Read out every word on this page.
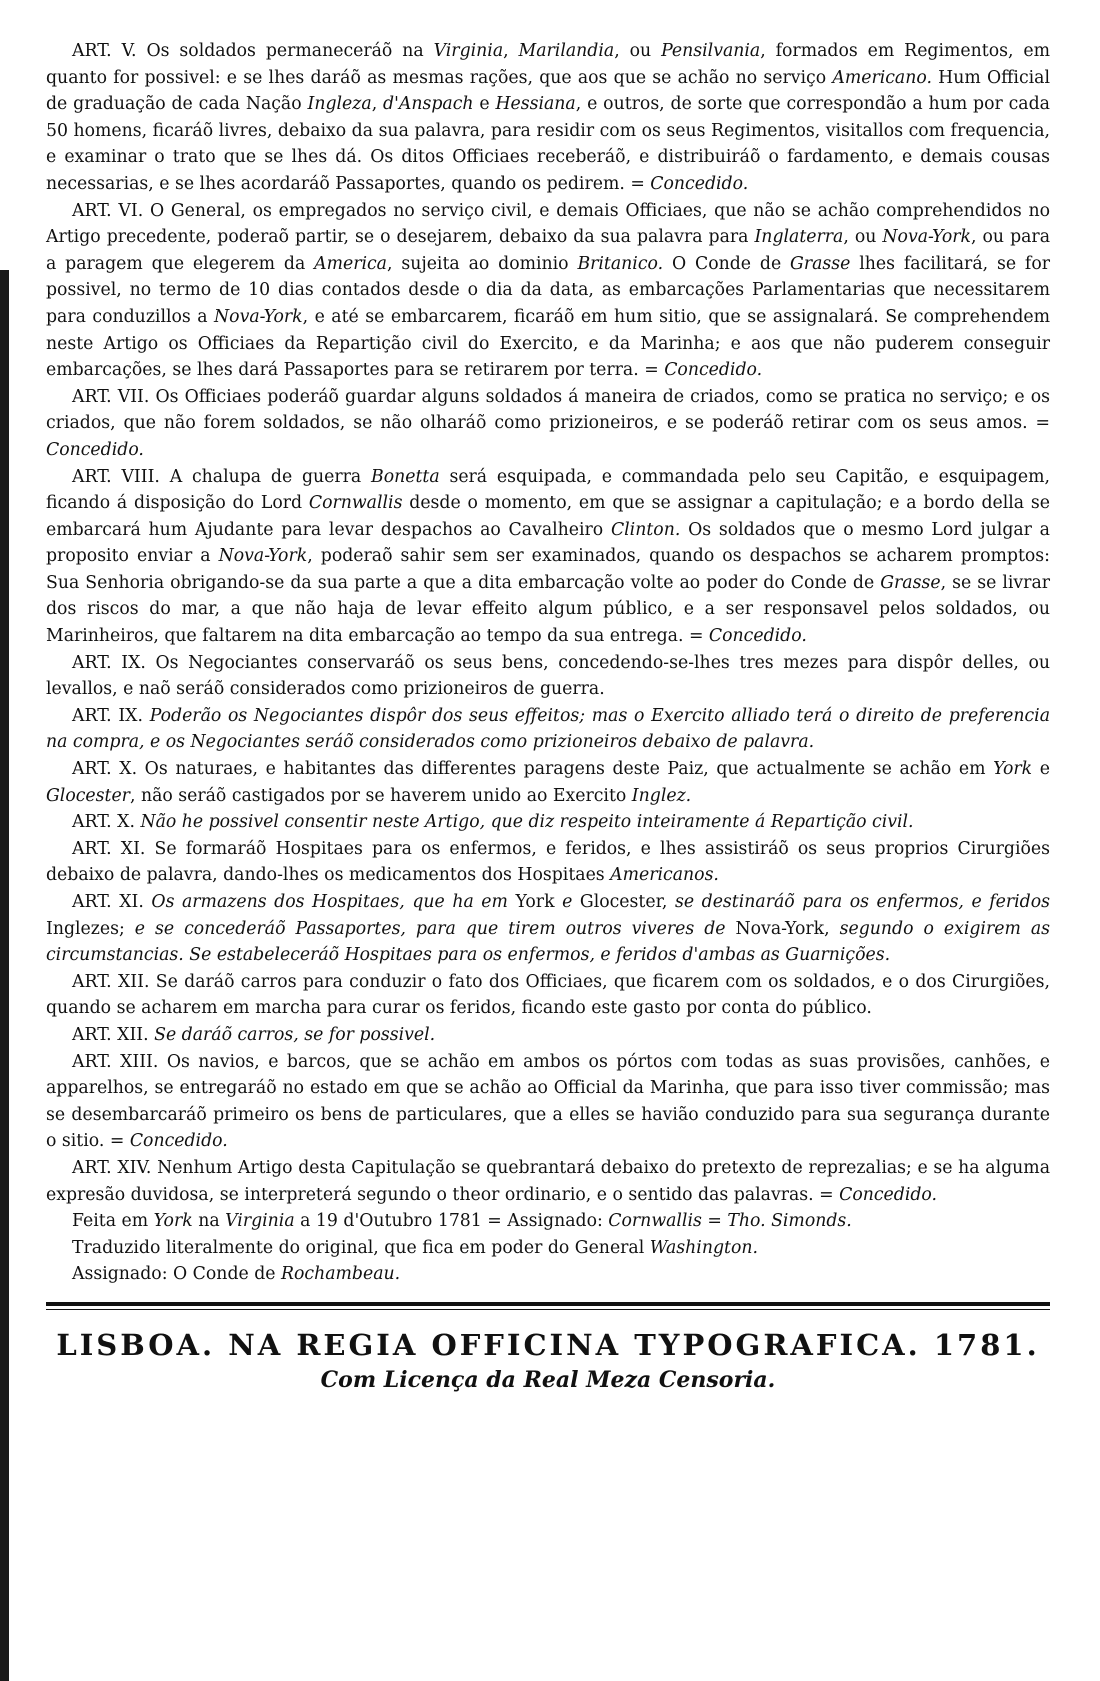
ART. V. Os soldados permaneceráõ na Virginia, Marilandia, ou Pensilvania, formados em Regimentos, em quanto for possivel: e se lhes daráõ as mesmas rações, que aos que se achão no serviço Americano. Hum Official de graduação de cada Nação Ingleza, d'Anspach e Hessiana, e outros, de sorte que correspondão a hum por cada 50 homens, ficaráõ livres, debaixo da sua palavra, para residir com os seus Regimentos, visitallos com frequencia, e examinar o trato que se lhes dá. Os ditos Officiaes receberáõ, e distribuiráõ o fardamento, e demais cousas necessarias, e se lhes acordaráõ Passaportes, quando os pedirem. = Concedido.

ART. VI. O General, os empregados no serviço civil, e demais Officiaes, que não se achão comprehendidos no Artigo precedente, poderaõ partir, se o desejarem, debaixo da sua palavra para Inglaterra, ou Nova-York, ou para a paragem que elegerem da America, sujeita ao dominio Britanico. O Conde de Grasse lhes facilitará, se for possivel, no termo de 10 dias contados desde o dia da data, as embarcações Parlamentarias que necessitarem para conduzillos a Nova-York, e até se embarcarem, ficaráõ em hum sitio, que se assignalará. Se comprehendem neste Artigo os Officiaes da Repartição civil do Exercito, e da Marinha; e aos que não puderem conseguir embarcações, se lhes dará Passaportes para se retirarem por terra. = Concedido.

ART. VII. Os Officiaes poderáõ guardar alguns soldados á maneira de criados, como se pratica no serviço; e os criados, que não forem soldados, se não olharáõ como prizioneiros, e se poderáõ retirar com os seus amos. = Concedido.

ART. VIII. A chalupa de guerra Bonetta será esquipada, e commandada pelo seu Capitão, e esquipagem, ficando á disposição do Lord Cornwallis desde o momento, em que se assignar a capitulação; e a bordo della se embarcará hum Ajudante para levar despachos ao Cavalheiro Clinton. Os soldados que o mesmo Lord julgar a proposito enviar a Nova-York, poderaõ sahir sem ser examinados, quando os despachos se acharem promptos: Sua Senhoria obrigando-se da sua parte a que a dita embarcação volte ao poder do Conde de Grasse, se se livrar dos riscos do mar, a que não haja de levar effeito algum público, e a ser responsavel pelos soldados, ou Marinheiros, que faltarem na dita embarcação ao tempo da sua entrega. = Concedido.

ART. IX. Os Negociantes conservaráõ os seus bens, concedendo-se-lhes tres mezes para dispôr delles, ou levallos, e naõ seráõ considerados como prizioneiros de guerra.

ART. IX. Poderão os Negociantes dispôr dos seus effeitos; mas o Exercito alliado terá o direito de preferencia na compra, e os Negociantes seráõ considerados como prizioneiros debaixo de palavra.

ART. X. Os naturaes, e habitantes das differentes paragens deste Paiz, que actualmente se achão em York e Glocester, não seráõ castigados por se haverem unido ao Exercito Inglez.

ART. X. Não he possivel consentir neste Artigo, que diz respeito inteiramente á Repartição civil.

ART. XI. Se formaráõ Hospitaes para os enfermos, e feridos, e lhes assistiráõ os seus proprios Cirurgiões debaixo de palavra, dando-lhes os medicamentos dos Hospitaes Americanos.

ART. XI. Os armazens dos Hospitaes, que ha em York e Glocester, se destinaráõ para os enfermos, e feridos Inglezes; e se concederáõ Passaportes, para que tirem outros viveres de Nova-York, segundo o exigirem as circumstancias. Se estabeleceráõ Hospitaes para os enfermos, e feridos d'ambas as Guarnições.

ART. XII. Se daráõ carros para conduzir o fato dos Officiaes, que ficarem com os soldados, e o dos Cirurgiões, quando se acharem em marcha para curar os feridos, ficando este gasto por conta do público.

ART. XII. Se daráõ carros, se for possivel.

ART. XIII. Os navios, e barcos, que se achão em ambos os pórtos com todas as suas provisões, canhões, e apparelhos, se entregaráõ no estado em que se achão ao Official da Marinha, que para isso tiver commissão; mas se desembarcaráõ primeiro os bens de particulares, que a elles se havião conduzido para sua segurança durante o sitio. = Concedido.

ART. XIV. Nenhum Artigo desta Capitulação se quebrantará debaixo do pretexto de reprezalias; e se ha alguma expresão duvidosa, se interpreterá segundo o theor ordinario, e o sentido das palavras. = Concedido.

Feita em York na Virginia a 19 d'Outubro 1781 = Assignado: Cornwallis = Tho. Simonds.

Traduzido literalmente do original, que fica em poder do General Washington.

Assignado: O Conde de Rochambeau.

LISBOA. NA REGIA OFFICINA TYPOGRAFICA. 1781.
Com Licença da Real Meza Censoria.
